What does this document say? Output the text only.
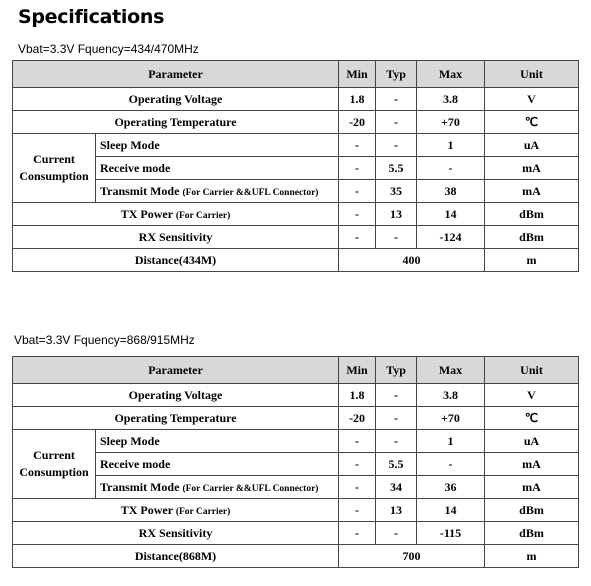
Specifications
Vbat=3.3V Fquency=434/470MHz
Parameter		Min	Typ	Max	Unit
Operating Voltage		1.8	-	3.8	V
Operating Temperature		-20	-	+70	℃
Current
Consumption	Sleep Mode	-	-	1	uA
	Receive mode	-	5.5	-	mA
	Transmit Mode (For Carrier &&UFL Connector)	-	35	38	mA
TX Power (For Carrier)		-	13	14	dBm
RX Sensitivity		-	-	-124	dBm
Distance(434M)		400			m
Vbat=3.3V Fquency=868/915MHz
Parameter		Min	Typ	Max	Unit
Operating Voltage		1.8	-	3.8	V
Operating Temperature		-20	-	+70	℃
Current
Consumption	Sleep Mode	-	-	1	uA
	Receive mode	-	5.5	-	mA
	Transmit Mode (For Carrier &&UFL Connector)	-	34	36	mA
TX Power (For Carrier)		-	13	14	dBm
RX Sensitivity		-	-	-115	dBm
Distance(868M)		700			m
